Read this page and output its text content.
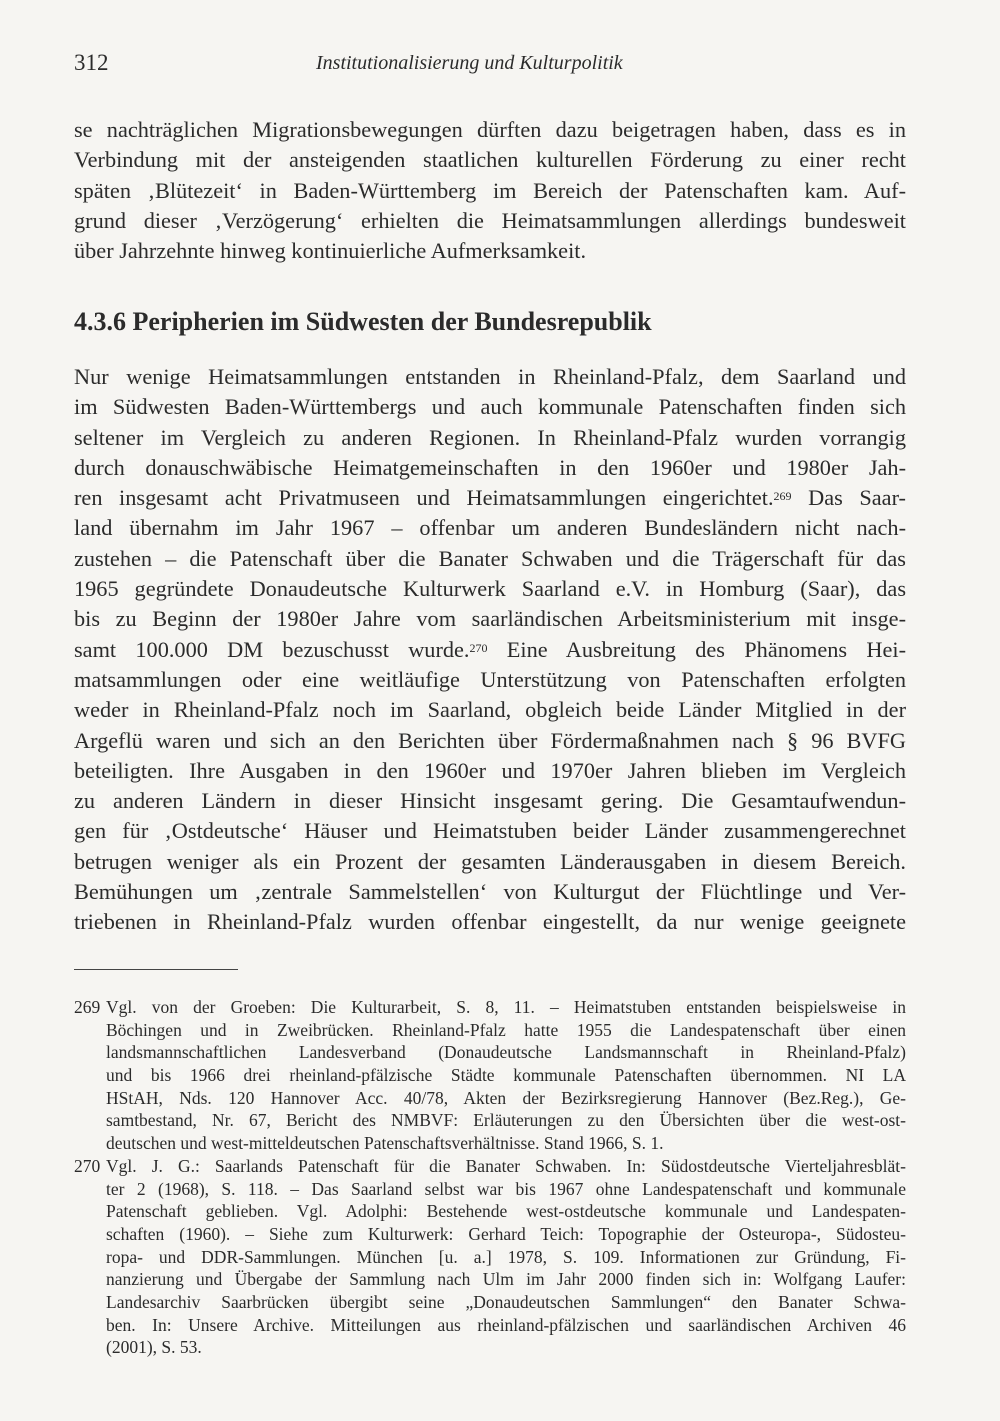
312	Institutionalisierung und Kulturpolitik
se nachträglichen Migrationsbewegungen dürften dazu beigetragen haben, dass es in
Verbindung mit der ansteigenden staatlichen kulturellen Förderung zu einer recht
späten ‚Blütezeit‘ in Baden-Württemberg im Bereich der Patenschaften kam. Auf-
grund dieser ‚Verzögerung‘ erhielten die Heimatsammlungen allerdings bundesweit
über Jahrzehnte hinweg kontinuierliche Aufmerksamkeit.
4.3.6 Peripherien im Südwesten der Bundesrepublik
Nur wenige Heimatsammlungen entstanden in Rheinland-Pfalz, dem Saarland und
im Südwesten Baden-Württembergs und auch kommunale Patenschaften finden sich
seltener im Vergleich zu anderen Regionen. In Rheinland-Pfalz wurden vorrangig
durch donauschwäbische Heimatgemeinschaften in den 1960er und 1980er Jah-
ren insgesamt acht Privatmuseen und Heimatsammlungen eingerichtet.$^{269}$ Das Saar-
land übernahm im Jahr 1967 – offenbar um anderen Bundesländern nicht nach-
zustehen – die Patenschaft über die Banater Schwaben und die Trägerschaft für das
1965 gegründete Donaudeutsche Kulturwerk Saarland e.V. in Homburg (Saar), das
bis zu Beginn der 1980er Jahre vom saarländischen Arbeitsministerium mit insge-
samt 100.000 DM bezuschusst wurde.$^{270}$ Eine Ausbreitung des Phänomens Hei-
matsammlungen oder eine weitläufige Unterstützung von Patenschaften erfolgten
weder in Rheinland-Pfalz noch im Saarland, obgleich beide Länder Mitglied in der
Argeflü waren und sich an den Berichten über Fördermaßnahmen nach § 96 BVFG
beteiligten. Ihre Ausgaben in den 1960er und 1970er Jahren blieben im Vergleich
zu anderen Ländern in dieser Hinsicht insgesamt gering. Die Gesamtaufwendun-
gen für ‚Ostdeutsche‘ Häuser und Heimatstuben beider Länder zusammengerechnet
betrugen weniger als ein Prozent der gesamten Länderausgaben in diesem Bereich.
Bemühungen um ‚zentrale Sammelstellen‘ von Kulturgut der Flüchtlinge und Ver-
triebenen in Rheinland-Pfalz wurden offenbar eingestellt, da nur wenige geeignete
269 Vgl. von der Groeben: Die Kulturarbeit, S. 8, 11. – Heimatstuben entstanden beispielsweise in
Böchingen und in Zweibrücken. Rheinland-Pfalz hatte 1955 die Landespatenschaft über einen
landsmannschaftlichen Landesverband (Donaudeutsche Landsmannschaft in Rheinland-Pfalz)
und bis 1966 drei rheinland-pfälzische Städte kommunale Patenschaften übernommen. NI LA
HStAH, Nds. 120 Hannover Acc. 40/78, Akten der Bezirksregierung Hannover (Bez.Reg.), Ge-
samtbestand, Nr. 67, Bericht des NMBVF: Erläuterungen zu den Übersichten über die west-ost-
deutschen und west-mitteldeutschen Patenschaftsverhältnisse. Stand 1966, S. 1.
270 Vgl. J. G.: Saarlands Patenschaft für die Banater Schwaben. In: Südostdeutsche Vierteljahresblät-
ter 2 (1968), S. 118. – Das Saarland selbst war bis 1967 ohne Landespatenschaft und kommunale
Patenschaft geblieben. Vgl. Adolphi: Bestehende west-ostdeutsche kommunale und Landespaten-
schaften (1960). – Siehe zum Kulturwerk: Gerhard Teich: Topographie der Osteuropa-, Südosteu-
ropa- und DDR-Sammlungen. München [u. a.] 1978, S. 109. Informationen zur Gründung, Fi-
nanzierung und Übergabe der Sammlung nach Ulm im Jahr 2000 finden sich in: Wolfgang Laufer:
Landesarchiv Saarbrücken übergibt seine „Donaudeutschen Sammlungen“ den Banater Schwa-
ben. In: Unsere Archive. Mitteilungen aus rheinland-pfälzischen und saarländischen Archiven 46
(2001), S. 53.
